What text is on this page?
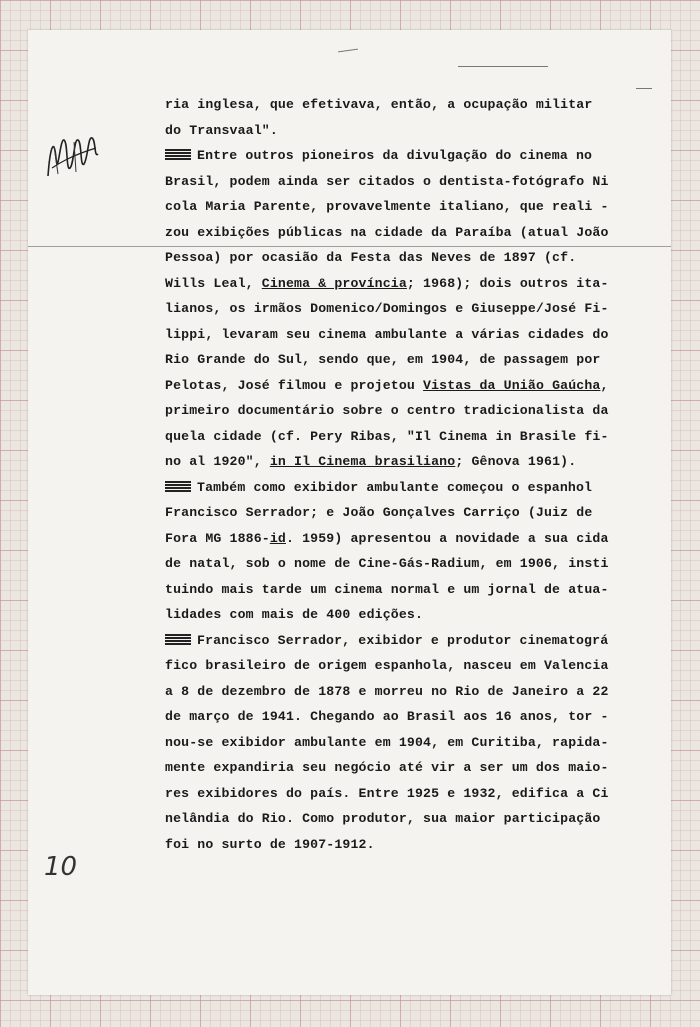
ria inglesa, que efetivava, então, a ocupação militar
do Transvaal".
Entre outros pioneiros da divulgação do cinema no
Brasil, podem ainda ser citados o dentista-fotógrafo Ni
cola Maria Parente, provavelmente italiano, que reali -
zou exibições públicas na cidade da Paraíba (atual João
Pessoa) por ocasião da Festa das Neves de 1897 (cf.
Wills Leal, Cinema & província; 1968); dois outros ita-
lianos, os irmãos Domenico/Domingos e Giuseppe/José Fi-
lippi, levaram seu cinema ambulante a várias cidades do
Rio Grande do Sul, sendo que, em 1904, de passagem por
Pelotas, José filmou e projetou Vistas da União Gaúcha,
primeiro documentário sobre o centro tradicionalista da
quela cidade (cf. Pery Ribas, "Il Cinema in Brasile fi-
no al 1920", in Il Cinema brasiliano; Gênova 1961).
Também como exibidor ambulante começou o espanhol
Francisco Serrador; e João Gonçalves Carriço (Juiz de
Fora MG 1886-id. 1959) apresentou a novidade a sua cida
de natal, sob o nome de Cine-Gás-Radium, em 1906, insti
tuindo mais tarde um cinema normal e um jornal de atua-
lidades com mais de 400 edições.
Francisco Serrador, exibidor e produtor cinematográ
fico brasileiro de origem espanhola, nasceu em Valencia
a 8 de dezembro de 1878 e morreu no Rio de Janeiro a 22
de março de 1941. Chegando ao Brasil aos 16 anos, tor -
nou-se exibidor ambulante em 1904, em Curitiba, rapida-
mente expandiria seu negócio até vir a ser um dos maio-
res exibidores do país. Entre 1925 e 1932, edifica a Ci
nelândia do Rio. Como produtor, sua maior participação
foi no surto de 1907-1912.
10
